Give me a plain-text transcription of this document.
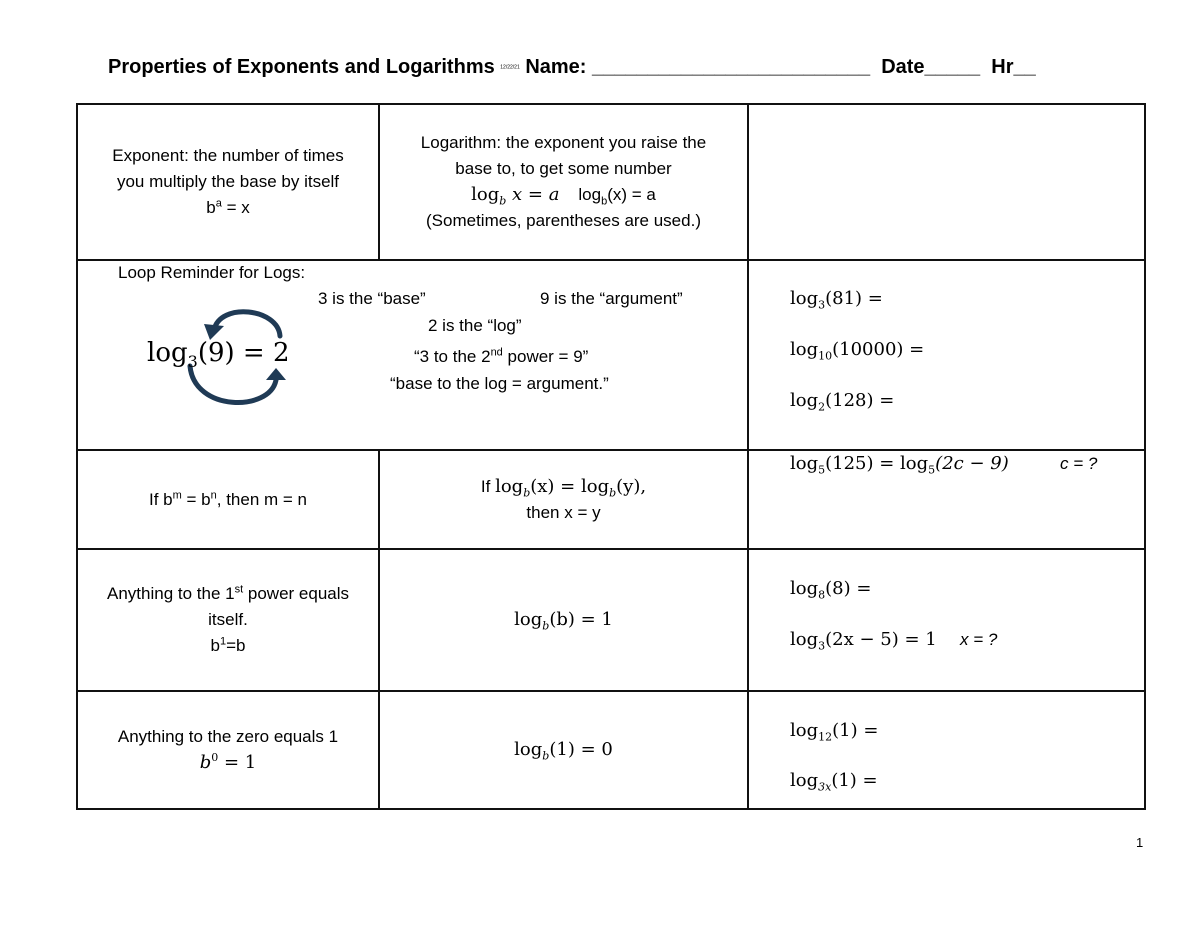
Properties of Exponents and Logarithms 12/22/21 Name: _________________________ Date_____ Hr__
Exponent: the number of times
you multiply the base by itself
$b^a = x$
Logarithm: the exponent you raise the
base to, to get some number
$\log_b x = a$ $\log_b(x) = a$
(Sometimes, parentheses are used.)
Loop Reminder for Logs:
$\log_3(9) = 2$
3 is the “base”	9 is the “argument”
2 is the “log”
“3 to the 2nd power = 9”
“base to the log = argument.”
$\log_3(81)$ =
$\log_{10}(10000)$ =
$\log_2(128)$ =
If $b^m = b^n$, then m = n
If $\log_b(x) = \log_b(y)$,
then x = y
$\log_5(125) = \log_5(2c - 9)$	c = ?
Anything to the 1st power equals
itself.
$b^1=b$
$\log_b(b) = 1$
$\log_8(8)$ =
$\log_3(2x - 5) = 1$ x = ?
Anything to the zero equals 1
$b^0 = 1$
$\log_b(1) = 0$
$\log_{12}(1)$ =
$\log_{3x}(1)$ =
1
